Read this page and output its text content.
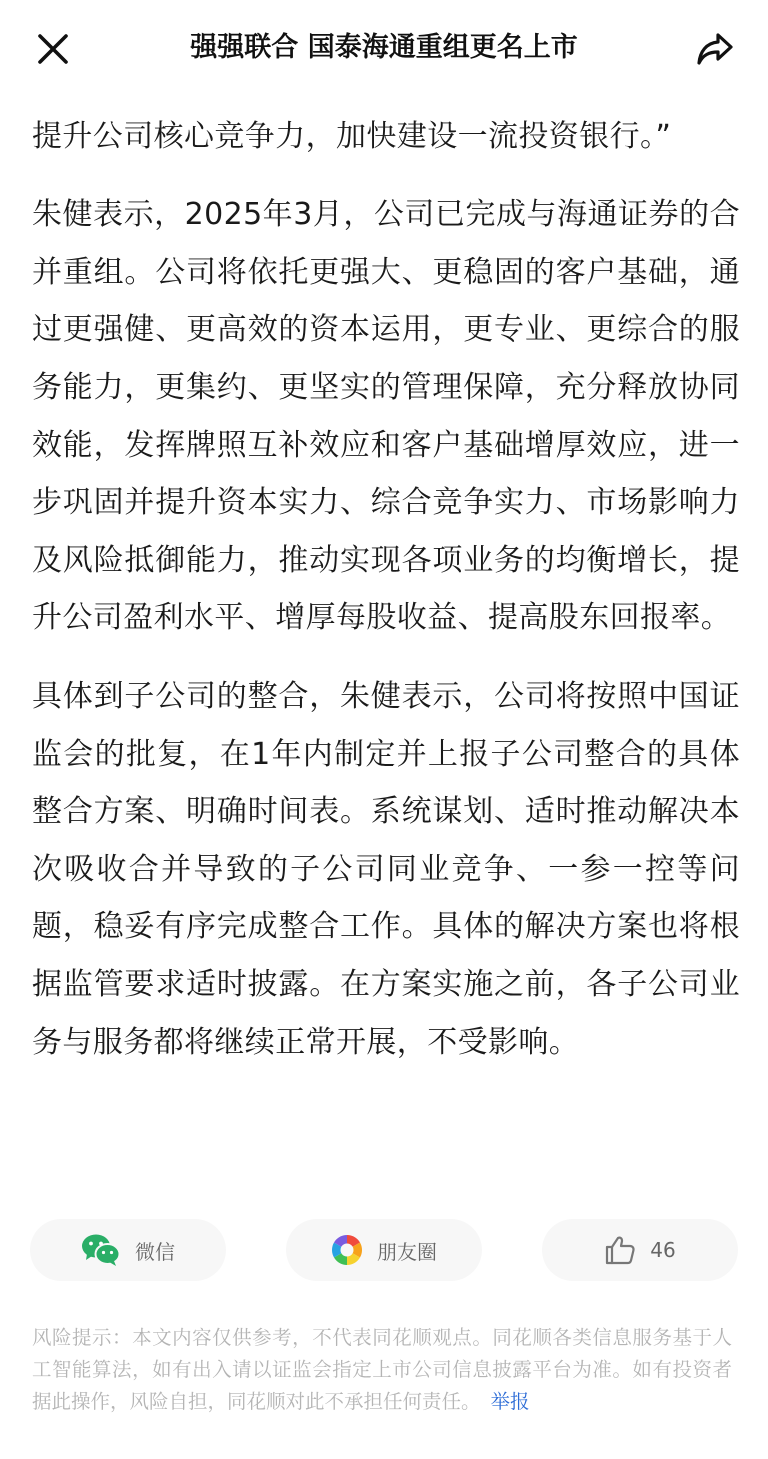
强强联合 国泰海通重组更名上市

提升公司核心竞争力，加快建设一流投资银行。”

朱健表示，2025年3月，公司已完成与海通证券的合并重组。公司将依托更强大、更稳固的客户基础，通过更强健、更高效的资本运用，更专业、更综合的服务能力，更集约、更坚实的管理保障，充分释放协同效能，发挥牌照互补效应和客户基础增厚效应，进一步巩固并提升资本实力、综合竞争实力、市场影响力及风险抵御能力，推动实现各项业务的均衡增长，提升公司盈利水平、增厚每股收益、提高股东回报率。

具体到子公司的整合，朱健表示，公司将按照中国证监会的批复，在1年内制定并上报子公司整合的具体整合方案、明确时间表。系统谋划、适时推动解决本次吸收合并导致的子公司同业竞争、一参一控等问题，稳妥有序完成整合工作。具体的解决方案也将根据监管要求适时披露。在方案实施之前，各子公司业务与服务都将继续正常开展，不受影响。

微信	朋友圈	46
风险提示：本文内容仅供参考，不代表同花顺观点。同花顺各类信息服务基于人工智能算法，如有出入请以证监会指定上市公司信息披露平台为准。如有投资者据此操作，风险自担，同花顺对此不承担任何责任。 举报
